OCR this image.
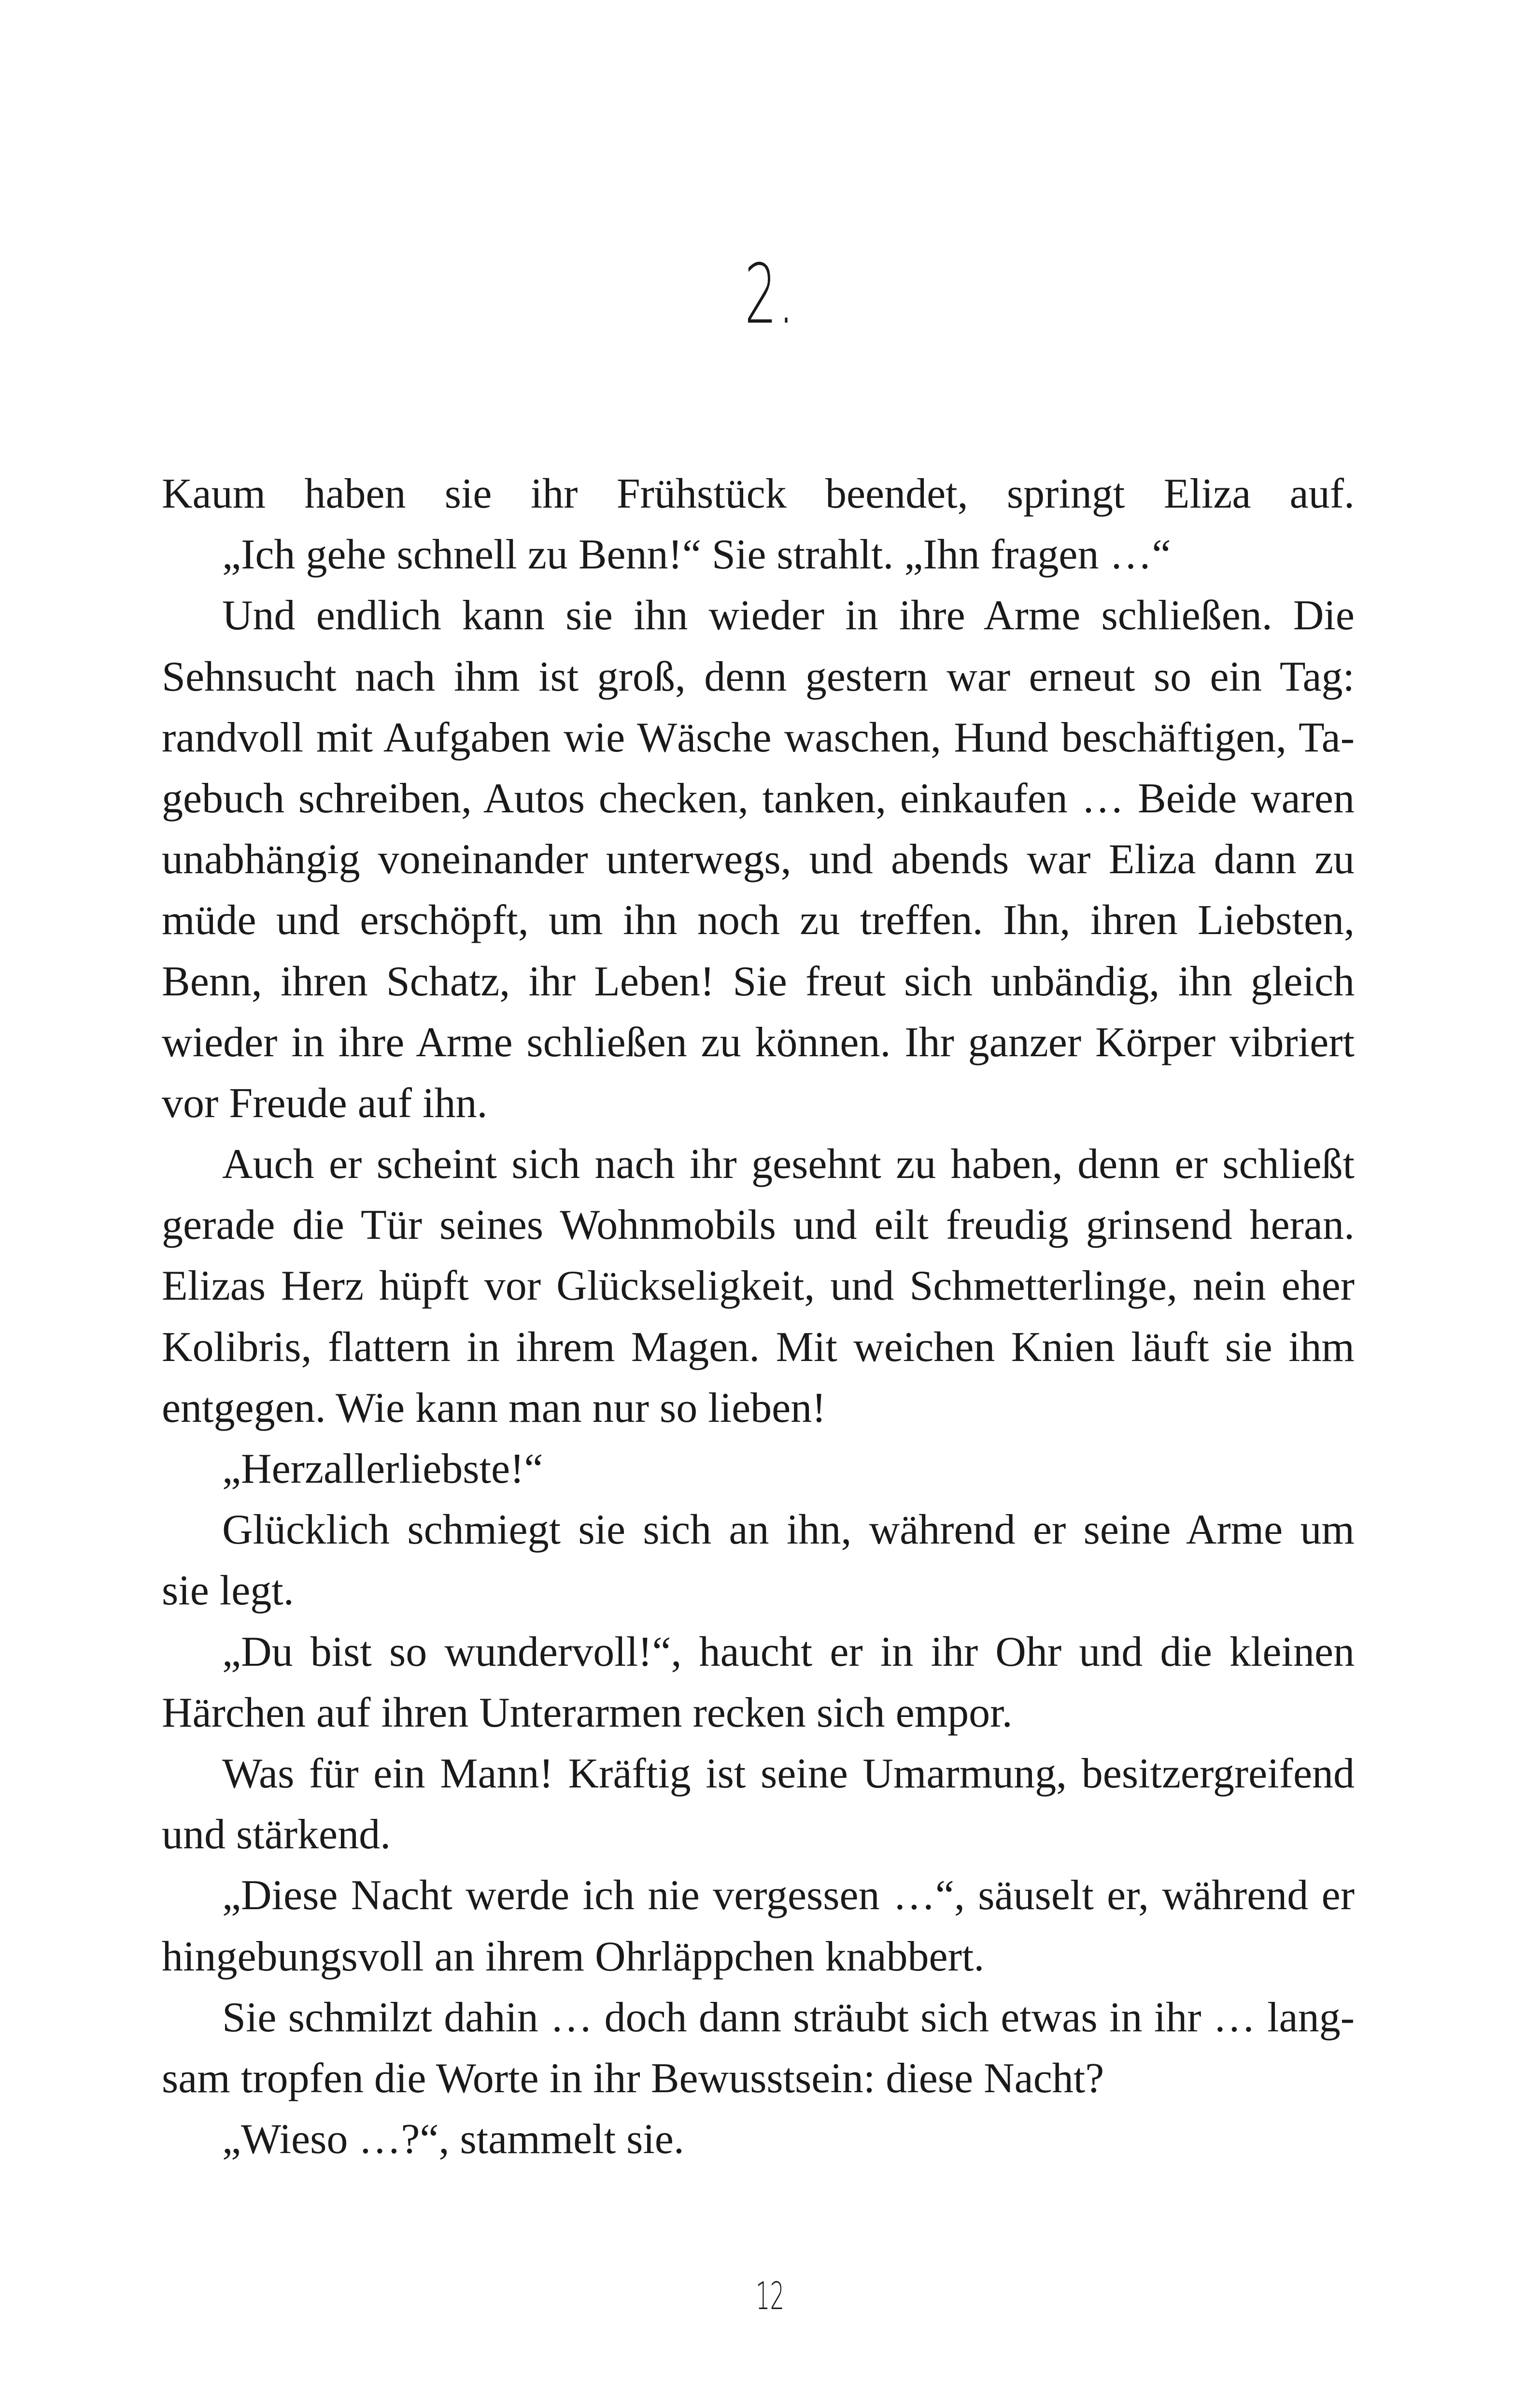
2.
Kaum haben sie ihr Frühstück beendet, springt Eliza auf.
„Ich gehe schnell zu Benn!“ Sie strahlt. „Ihn fragen …“
Und endlich kann sie ihn wieder in ihre Arme schließen. Die
Sehnsucht nach ihm ist groß, denn gestern war erneut so ein Tag:
randvoll mit Aufgaben wie Wäsche waschen, Hund beschäftigen, Ta-
gebuch schreiben, Autos checken, tanken, einkaufen … Beide waren
unabhängig voneinander unterwegs, und abends war Eliza dann zu
müde und erschöpft, um ihn noch zu treffen. Ihn, ihren Liebsten,
Benn, ihren Schatz, ihr Leben! Sie freut sich unbändig, ihn gleich
wieder in ihre Arme schließen zu können. Ihr ganzer Körper vibriert
vor Freude auf ihn.
Auch er scheint sich nach ihr gesehnt zu haben, denn er schließt
gerade die Tür seines Wohnmobils und eilt freudig grinsend heran.
Elizas Herz hüpft vor Glückseligkeit, und Schmetterlinge, nein eher
Kolibris, flattern in ihrem Magen. Mit weichen Knien läuft sie ihm
entgegen. Wie kann man nur so lieben!
„Herzallerliebste!“
Glücklich schmiegt sie sich an ihn, während er seine Arme um
sie legt.
„Du bist so wundervoll!“, haucht er in ihr Ohr und die kleinen
Härchen auf ihren Unterarmen recken sich empor.
Was für ein Mann! Kräftig ist seine Umarmung, besitzergreifend
und stärkend.
„Diese Nacht werde ich nie vergessen …“, säuselt er, während er
hingebungsvoll an ihrem Ohrläppchen knabbert.
Sie schmilzt dahin … doch dann sträubt sich etwas in ihr … lang-
sam tropfen die Worte in ihr Bewusstsein: diese Nacht?
„Wieso …?“, stammelt sie.
12
